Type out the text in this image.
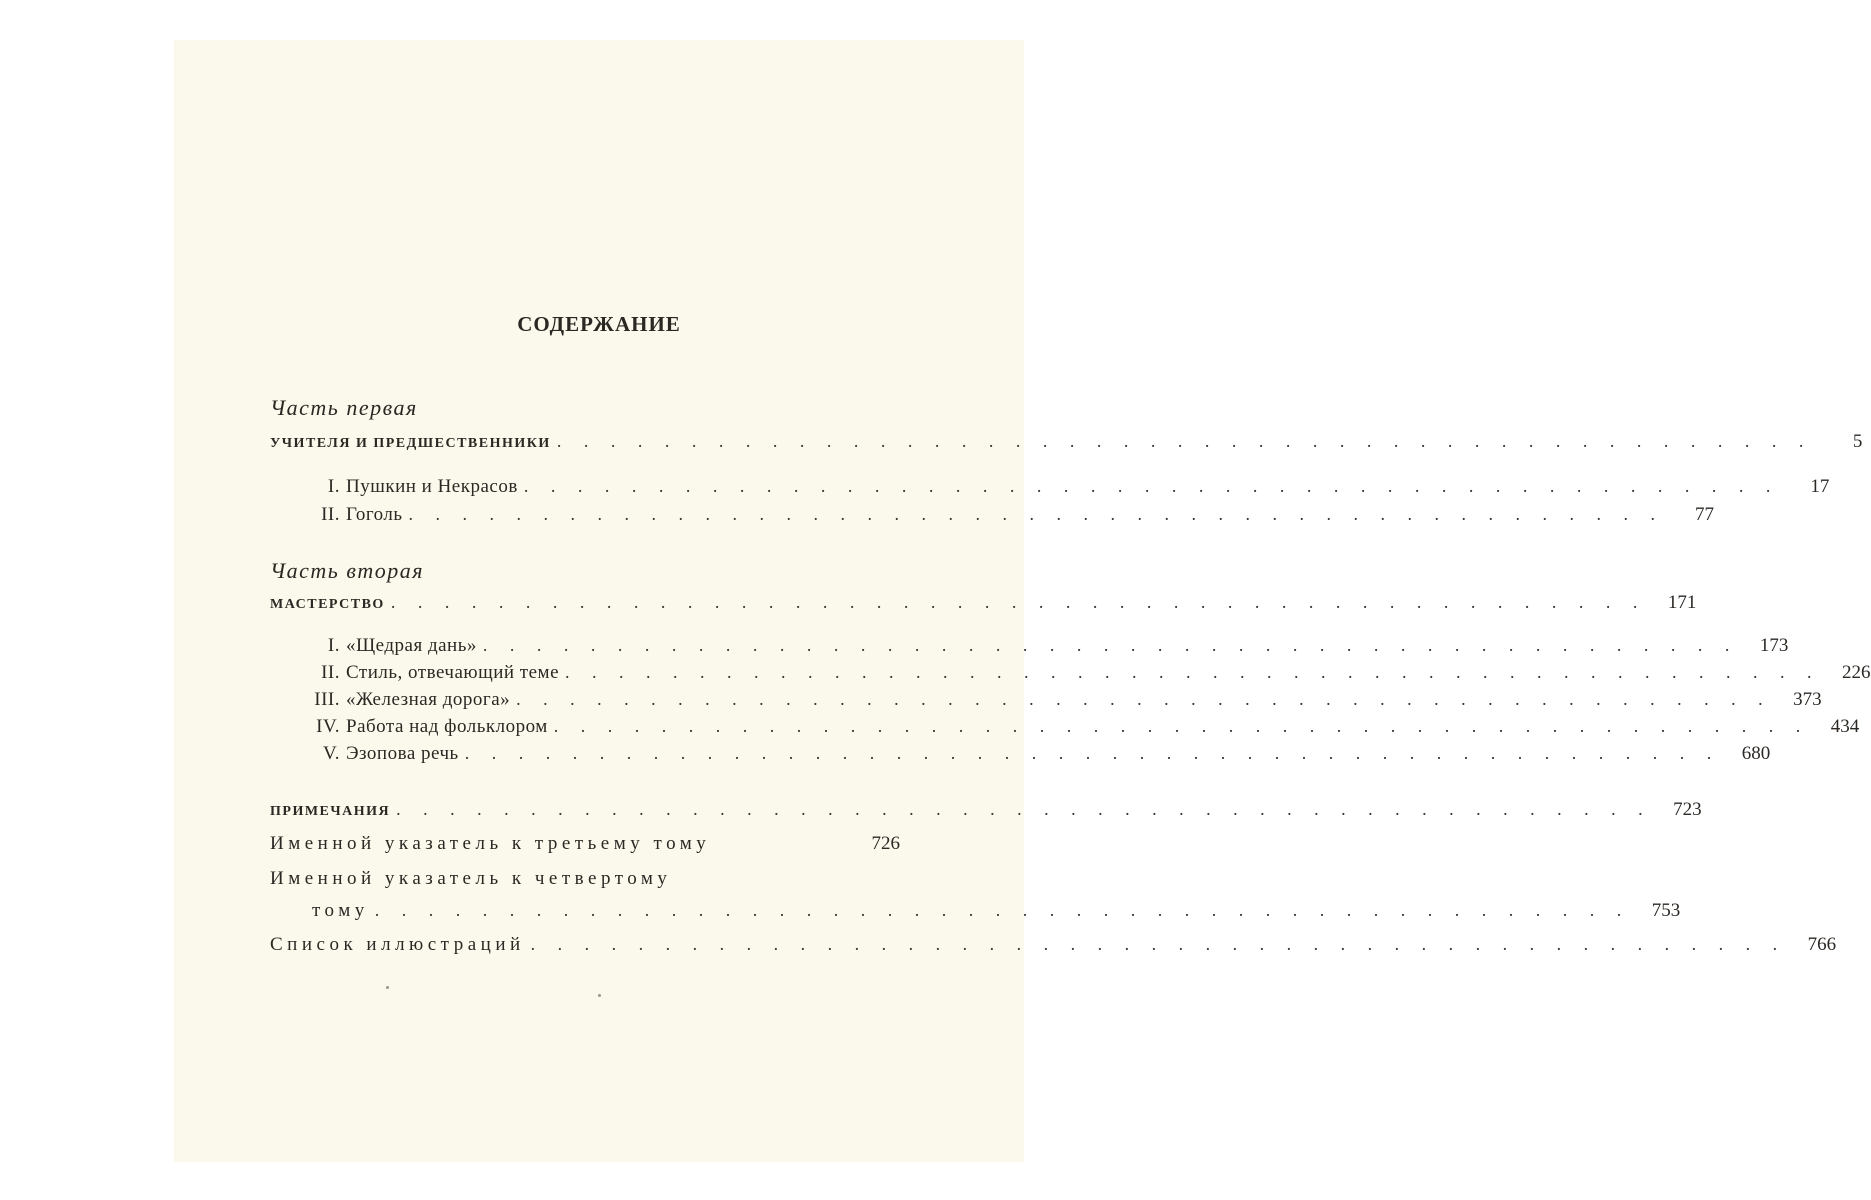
СОДЕРЖАНИЕ
Часть первая
УЧИТЕЛЯ И ПРЕДШЕСТВЕННИКИ . . . . . . . . . . . . . . . . . . . . . . . . . . . . . . . . . . . . . . . . . . . . . . .	5
I. Пушкин и Некрасов . . . . . . . . . . . . . . . . . . . . . . . . . . . . . . . . . . . . . . . . . . . . . . .	17
II. Гоголь . . . . . . . . . . . . . . . . . . . . . . . . . . . . . . . . . . . . . . . . . . . . . . .	77
Часть вторая
МАСТЕРСТВО . . . . . . . . . . . . . . . . . . . . . . . . . . . . . . . . . . . . . . . . . . . . . . .	171
I. «Щедрая дань» . . . . . . . . . . . . . . . . . . . . . . . . . . . . . . . . . . . . . . . . . . . . . . .	173
II. Стиль, отвечающий теме . . . . . . . . . . . . . . . . . . . . . . . . . . . . . . . . . . . . . . . . . . . . . . .	226
III. «Железная дорога» . . . . . . . . . . . . . . . . . . . . . . . . . . . . . . . . . . . . . . . . . . . . . . .	373
IV. Работа над фольклором . . . . . . . . . . . . . . . . . . . . . . . . . . . . . . . . . . . . . . . . . . . . . . .	434
V. Эзопова речь . . . . . . . . . . . . . . . . . . . . . . . . . . . . . . . . . . . . . . . . . . . . . . .	680
ПРИМЕЧАНИЯ . . . . . . . . . . . . . . . . . . . . . . . . . . . . . . . . . . . . . . . . . . . . . . .	723
Именной указатель к третьему тому	726
Именной указатель к четвертому
тому . . . . . . . . . . . . . . . . . . . . . . . . . . . . . . . . . . . . . . . . . . . . . . .	753
Список иллюстраций . . . . . . . . . . . . . . . . . . . . . . . . . . . . . . . . . . . . . . . . . . . . . . .	766
